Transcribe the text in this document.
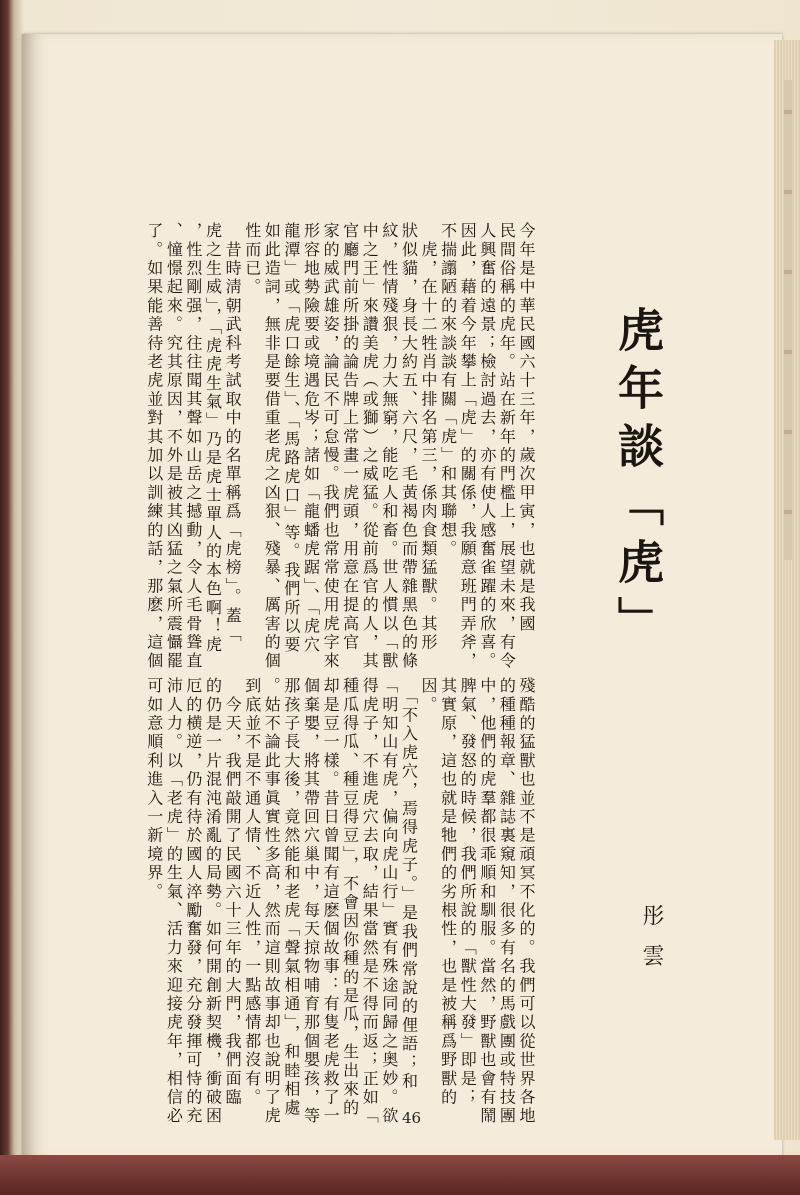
虎年談「虎」
彤雲
今年是中華民國六十三年，歲次甲寅，也就是我國
民間俗稱的虎年。站在新年的門檻上，展望未來，有令
人興奮的遠景；檢討過去，亦有使人感奮雀躍的欣喜。
因此，藉着今年攀上「虎」的關係，我願意班門弄斧，
不揣譾陋的來談談有關「虎」和其聯想。
　虎，在十二牲肖中排名第三，係肉食類猛獸。其形
狀似貓，身長大約五、六尺，毛黃褐色而帶雜黑色的條
紋，性情殘狠，力大無窮，能吃人和畜。世人慣以「獸
中之王」來讚美虎（或獅）之威猛。從前爲官的人，其
官廳門前所掛的論告牌上常畫一虎頭，用意在提高官
家的威武雄姿，論民不可怠慢。我們也常常使用虎字來
形容地勢險要或境遇危岑；諸如「龍蟠虎踞」、「虎穴
龍潭」或「虎口餘生」、「馬路虎口」等。我們所以要
如此造詞，無非是要借重老虎之凶狠、殘暴、厲害的個
性而已。
　昔時淸朝武科考試取中的名單稱爲「虎榜」。蓋「
虎之生威」，「虎虎生氣」乃是虎士單人的本色啊！虎
，性烈剛强，往往聞其聲如山岳之撼動，令人毛骨聳直
、憧憬起來。究其原因，不外是被其凶猛之氣所震懾罷
了。如果能善待老虎並對其加以訓練的話，那麽，這個
殘酷的猛獸也並不是頑冥不化的。我們可以從世界各地
的種種報章、雜誌裏窺知，很多有名的馬戲團或特技團
中，他們的虎羣都很乖順和馴服。當然，野獸也會有鬧
脾氣、發怒的時候，我們所說的「獸性大發」即是；
其實原，這也就是牠們的劣根性，也是被稱爲野獸的
因。
　「不入虎穴，焉得虎子。」是我們常說的俚語；和
「明知山有虎，偏向虎山行」實有殊途同歸之奥妙。欲
得虎子，不進虎穴去取，結果當然是不得而返；正如「
種瓜得瓜、種豆得豆」，不會因你種的是瓜，生出來的
却是豆一樣。昔日曾聞有這麽個故事：有隻老虎救了一
個棄嬰，將其帶回穴巢中，每天掠物哺育那個嬰孩，等
那孩子長大後，竟然能和老虎「聲氣相通」，和睦相處
。姑不論此事眞實性多高，然而這則故事却也說明了虎
到底並不是不通人情、不近人性，一點感情都沒有。
　今天，我們敲開了民國六十三年的大門，我們面臨
的仍是一片混沌淆亂的局勢。如何開創新契機，衝破困
厄的横逆，仍有待於國人淬勵奮發，充分發揮可恃的充
沛人力。以「老虎」的生氣、活力來迎接虎年，相信必
可如意順利進入一新境界。
46
